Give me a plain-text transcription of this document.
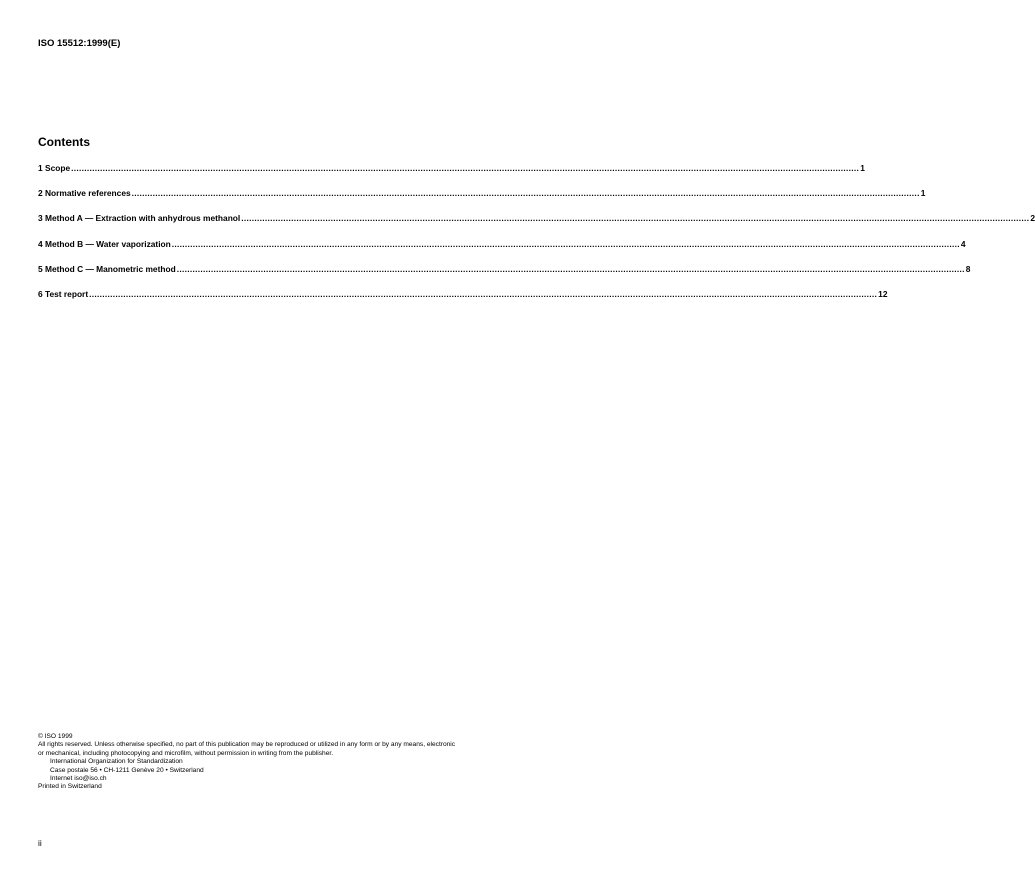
ISO 15512:1999(E)
Contents
1 Scope ............................................................................................................................................................................................................................................................................................................ 1
2 Normative references ............................................................................................................................................................................................................................................................................................................ 1
3 Method A — Extraction with anhydrous methanol ............................................................................................................................................................................................................................................................................................................ 2
4 Method B — Water vaporization ............................................................................................................................................................................................................................................................................................................ 4
5 Method C — Manometric method ............................................................................................................................................................................................................................................................................................................ 8
6 Test report ............................................................................................................................................................................................................................................................................................................ 12
© ISO 1999
All rights reserved. Unless otherwise specified, no part of this publication may be reproduced or utilized in any form or by any means, electronic
or mechanical, including photocopying and microfilm, without permission in writing from the publisher.
International Organization for Standardization
Case postale 56 • CH-1211 Genève 20 • Switzerland
Internet iso@iso.ch
Printed in Switzerland
ii
